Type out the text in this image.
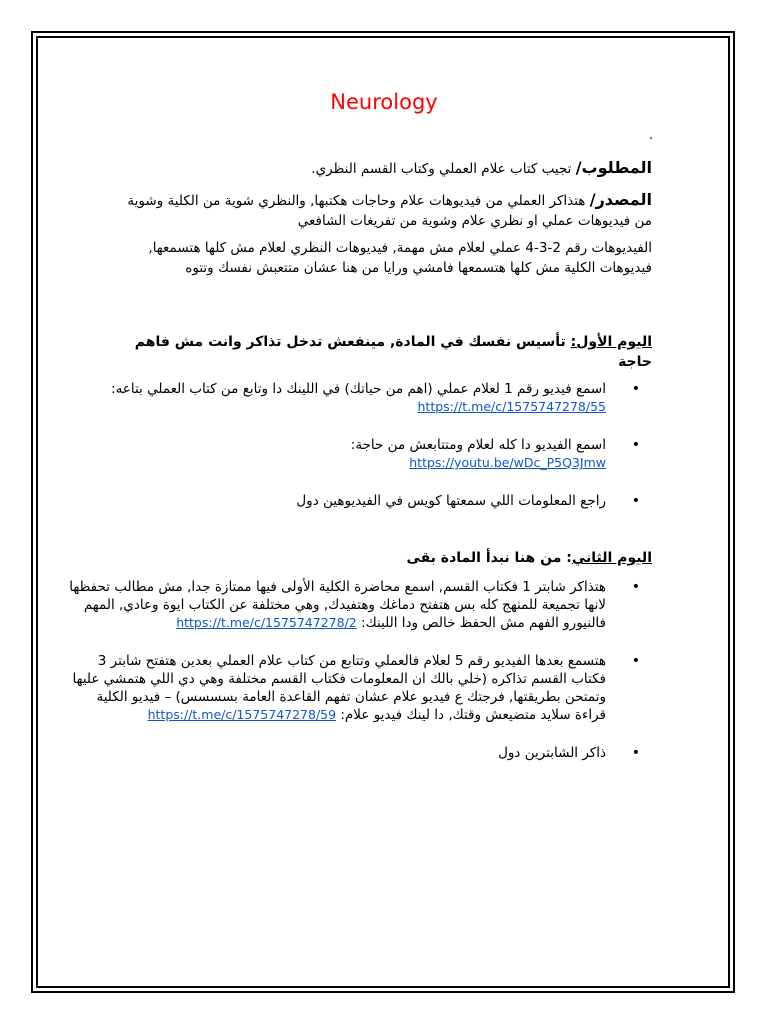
Neurology
.
المطلوب/ تجيب كتاب علام العملي وكتاب القسم النظري.
المصدر/ هتذاكر العملي من فيديوهات علام وحاجات هكتبها, والنظري شوية من الكلية وشوية من فيديوهات عملي او نظري علام وشوية من تفريغات الشافعي
الفيديوهات رقم 2-3-4 عملي لعلام مش مهمة, فيديوهات النظري لعلام مش كلها هتسمعها, فيديوهات الكلية مش كلها هتسمعها فامشي ورايا من هنا عشان متتعبش نفسك وتتوه
اليوم الأول: تأسيس نفسك في المادة, مينفعش تدخل تذاكر وانت مش فاهم حاجة
• اسمع فيديو رقم 1 لعلام عملي (اهم من حياتك) في اللينك دا وتابع من كتاب العملي بتاعه: https://t.me/c/1575747278/55
• اسمع الفيديو دا كله لعلام ومتتابعش من حاجة:
https://youtu.be/wDc_P5Q3Jmw
• راجع المعلومات اللي سمعتها كويس في الفيديوهين دول
اليوم الثاني: من هنا نبدأ المادة بقى
• هتذاكر شابتر 1 فكتاب القسم, اسمع محاضرة الكلية الأولى فيها ممتازة جدا, مش مطالب تحفظها لانها تجميعة للمنهج كله بس هتفتح دماغك وهتفيدك, وهي مختلفة عن الكتاب ايوة وعادي, المهم فالنيورو الفهم مش الحفظ خالص ودا اللينك: https://t.me/c/1575747278/2
• هتسمع بعدها الفيديو رقم 5 لعلام فالعملي وتتابع من كتاب علام العملي بعدين هتفتح شابتر 3 فكتاب القسم تذاكره (خلي بالك ان المعلومات فكتاب القسم مختلفة وهي دي اللي هتمشي عليها وتمتحن بطريقتها, فرجتك ع فيديو علام عشان تفهم القاعدة العامة بسسسس) – فيديو الكلية قراءة سلايد متضيعش وقتك, دا لينك فيديو علام: https://t.me/c/1575747278/59
• ذاكر الشابترين دول
